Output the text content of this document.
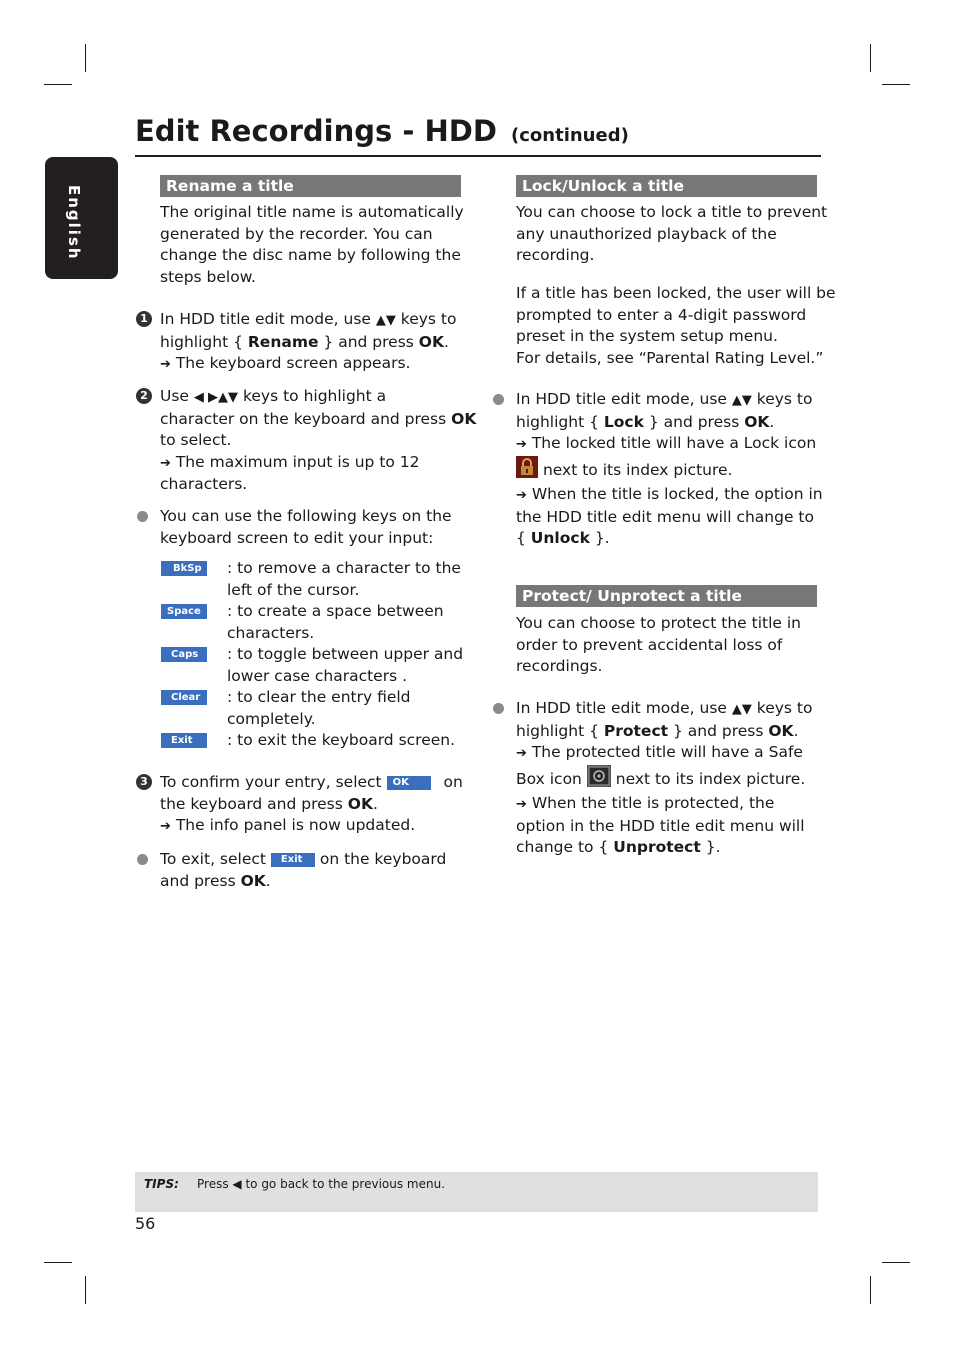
English
Edit Recordings - HDD (continued)
Rename a title
The original title name is automatically
generated by the recorder. You can
change the disc name by following the
steps below.
1 In HDD title edit mode, use ▲▼ keys to
highlight { Rename } and press OK.
➔ The keyboard screen appears.
2 Use ◀ ▶▲▼ keys to highlight a
character on the keyboard and press OK
to select.
➔ The maximum input is up to 12
characters.
You can use the following keys on the
keyboard screen to edit your input:
BkSp	: to remove a character to the
left of the cursor.
Space	: to create a space between
characters.
Caps	: to toggle between upper and
lower case characters .
Clear	: to clear the entry field
completely.
Exit	: to exit the keyboard screen.
3 To confirm your entry, select OK on
the keyboard and press OK.
➔ The info panel is now updated.
To exit, select Exit on the keyboard
and press OK.
Lock/Unlock a title
You can choose to lock a title to prevent
any unauthorized playback of the
recording.
If a title has been locked, the user will be
prompted to enter a 4-digit password
preset in the system setup menu.
For details, see “Parental Rating Level.”
In HDD title edit mode, use ▲▼ keys to
highlight { Lock } and press OK.
➔ The locked title will have a Lock icon
next to its index picture.
➔ When the title is locked, the option in
the HDD title edit menu will change to
{ Unlock }.
Protect/ Unprotect a title
You can choose to protect the title in
order to prevent accidental loss of
recordings.
In HDD title edit mode, use ▲▼ keys to
highlight { Protect } and press OK.
➔ The protected title will have a Safe
Box icon  next to its index picture.
➔ When the title is protected, the
option in the HDD title edit menu will
change to { Unprotect }.
TIPS: Press ◀ to go back to the previous menu.
56
